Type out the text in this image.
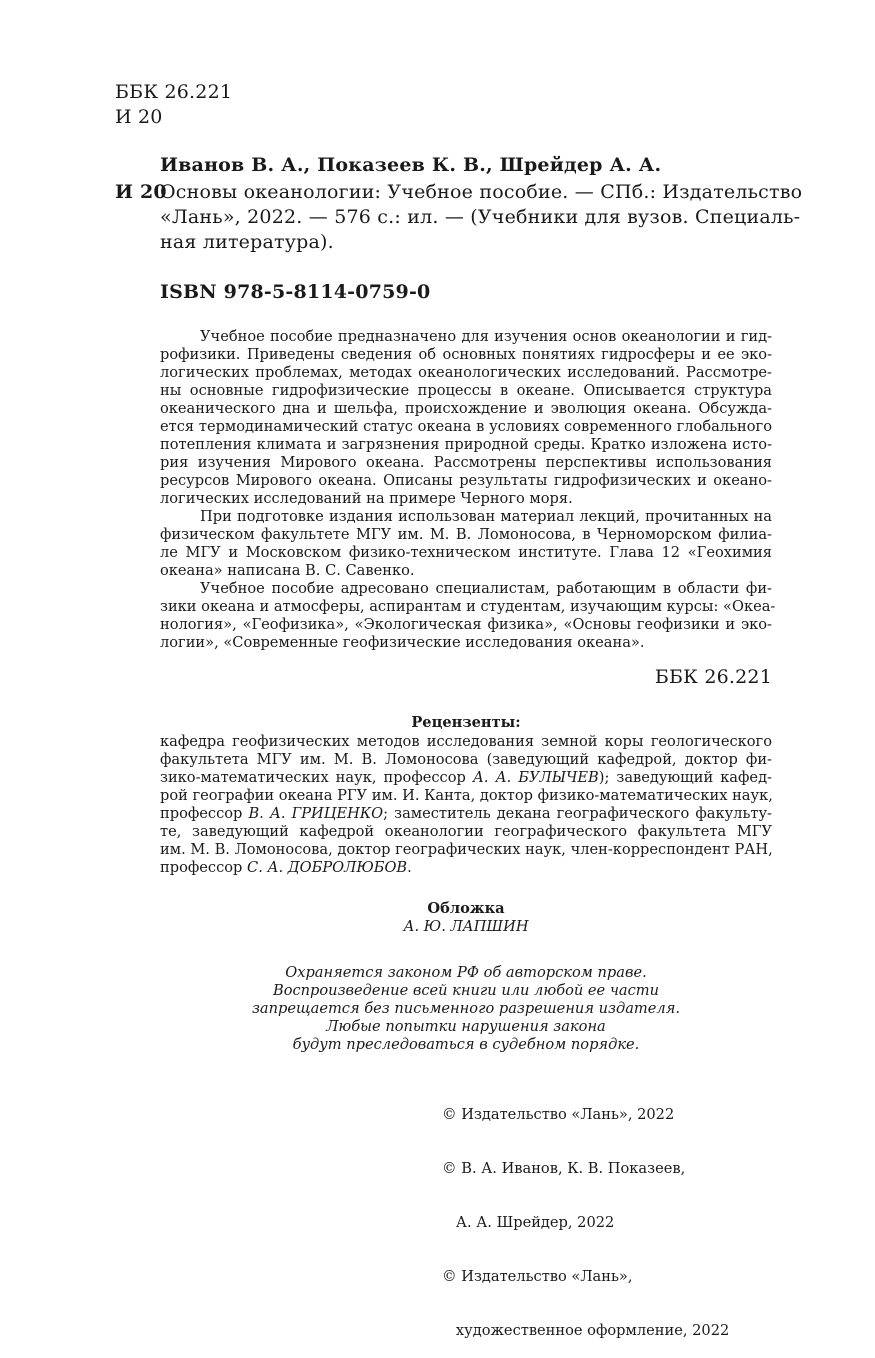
ББК 26.221
И 20
Иванов В. А., Показеев К. В., Шрейдер А. А.
И 20
Основы океанологии: Учебное пособие. — СПб.: Издательство
«Лань», 2022. — 576 с.: ил. — (Учебники для вузов. Специаль-
ная литература).
ISBN 978-5-8114-0759-0
Учебное пособие предназначено для изучения основ океанологии и гид-
рофизики. Приведены сведения об основных понятиях гидросферы и ее эко-
логических проблемах, методах океанологических исследований. Рассмотре-
ны основные гидрофизические процессы в океане. Описывается структура
океанического дна и шельфа, происхождение и эволюция океана. Обсужда-
ется термодинамический статус океана в условиях современного глобального
потепления климата и загрязнения природной среды. Кратко изложена исто-
рия изучения Мирового океана. Рассмотрены перспективы использования
ресурсов Мирового океана. Описаны результаты гидрофизических и океано-
логических исследований на примере Черного моря.
При подготовке издания использован материал лекций, прочитанных на
физическом факультете МГУ им. М. В. Ломоносова, в Черноморском филиа-
ле МГУ и Московском физико-техническом институте. Глава 12 «Геохимия
океана» написана В. С. Савенко.
Учебное пособие адресовано специалистам, работающим в области фи-
зики океана и атмосферы, аспирантам и студентам, изучающим курсы: «Океа-
нология», «Геофизика», «Экологическая физика», «Основы геофизики и эко-
логии», «Современные геофизические исследования океана».
ББК 26.221
Рецензенты:
кафедра геофизических методов исследования земной коры геологического
факультета МГУ им. М. В. Ломоносова (заведующий кафедрой, доктор фи-
зико-математических наук, профессор А. А. БУЛЫЧЕВ); заведующий кафед-
рой географии океана РГУ им. И. Канта, доктор физико-математических наук,
профессор В. А. ГРИЦЕНКО; заместитель декана географического факульту-
те, заведующий кафедрой океанологии географического факультета МГУ
им. М. В. Ломоносова, доктор географических наук, член-корреспондент РАН,
профессор С. А. ДОБРОЛЮБОВ.
Обложка
А. Ю. ЛАПШИН
Охраняется законом РФ об авторском праве.
Воспроизведение всей книги или любой ее части
запрещается без письменного разрешения издателя.
Любые попытки нарушения закона
будут преследоваться в судебном порядке.

© Издательство «Лань», 2022

© В. А. Иванов, К. В. Показеев,

А. А. Шрейдер, 2022

© Издательство «Лань»,

художественное оформление, 2022
